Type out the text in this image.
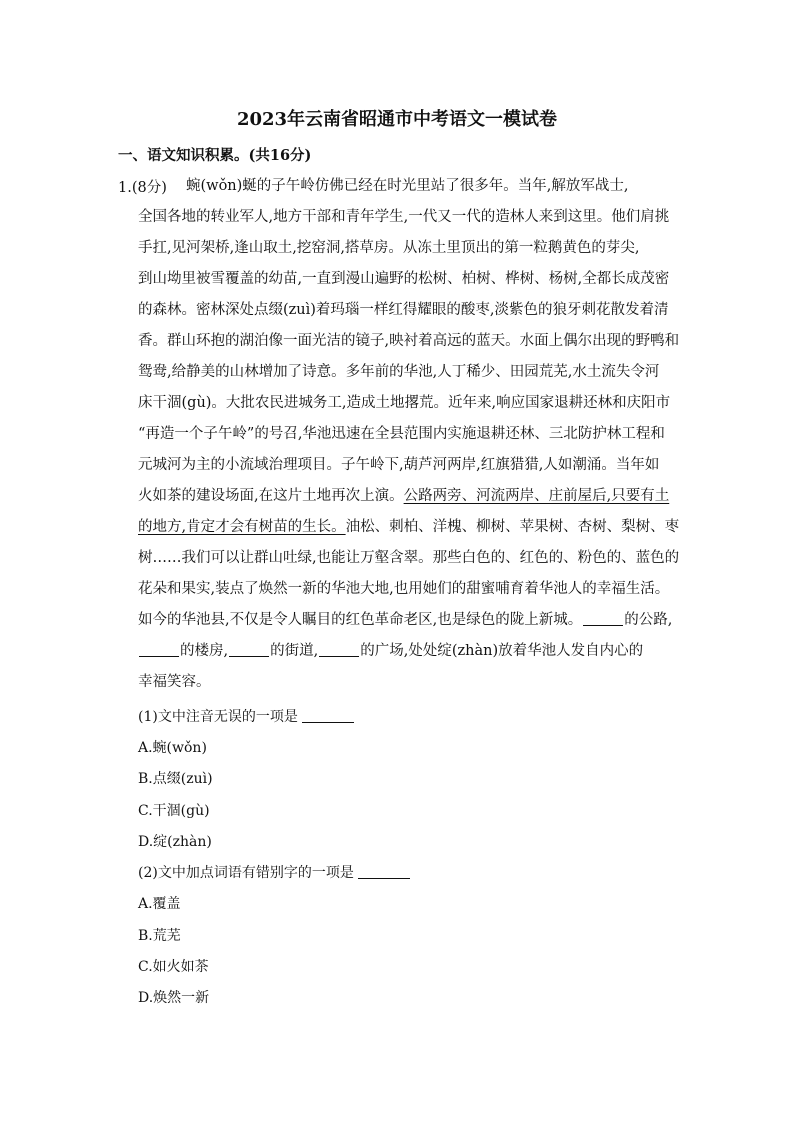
2023年云南省昭通市中考语文一模试卷
一、语文知识积累。(共16分)
1.(8分) 蜿(wǒn)蜒的子午岭仿佛已经在时光里站了很多年。当年,解放军战士,
全国各地的转业军人,地方干部和青年学生,一代又一代的造林人来到这里。他们肩挑
手扛,见河架桥,逢山取土,挖窑洞,搭草房。从冻土里顶出的第一粒鹅黄色的芽尖,
到山坳里被雪覆盖的幼苗,一直到漫山遍野的松树、柏树、桦树、杨树,全都长成茂密
的森林。密林深处点缀(zuì)着玛瑙一样红得耀眼的酸枣,淡紫色的狼牙刺花散发着清
香。群山环抱的湖泊像一面光洁的镜子,映衬着高远的蓝天。水面上偶尔出现的野鸭和
鸳鸯,给静美的山林增加了诗意。多年前的华池,人丁稀少、田园荒芜,水土流失令河
床干涸(gù)。大批农民进城务工,造成土地撂荒。近年来,响应国家退耕还林和庆阳市
“再造一个子午岭”的号召,华池迅速在全县范围内实施退耕还林、三北防护林工程和
元城河为主的小流域治理项目。子午岭下,葫芦河两岸,红旗猎猎,人如潮涌。当年如
火如茶的建设场面,在这片土地再次上演。公路两旁、河流两岸、庄前屋后,只要有土
的地方,肯定才会有树苗的生长。油松、刺柏、洋槐、柳树、苹果树、杏树、梨树、枣
树……我们可以让群山吐绿,也能让万壑含翠。那些白色的、红色的、粉色的、蓝色的
花朵和果实,装点了焕然一新的华池大地,也用她们的甜蜜哺育着华池人的幸福生活。
如今的华池县,不仅是令人瞩目的红色革命老区,也是绿色的陇上新城。	的公路,
的楼房,	的街道,	的广场,处处绽(zhàn)放着华池人发自内心的
幸福笑容。
(1)文中注音无误的一项是
A.蜿(wǒn)
B.点缀(zuì)
C.干涸(gù)
D.绽(zhàn)
(2)文中加点词语有错别字的一项是
A.覆盖
B.荒芜
C.如火如茶
D.焕然一新
